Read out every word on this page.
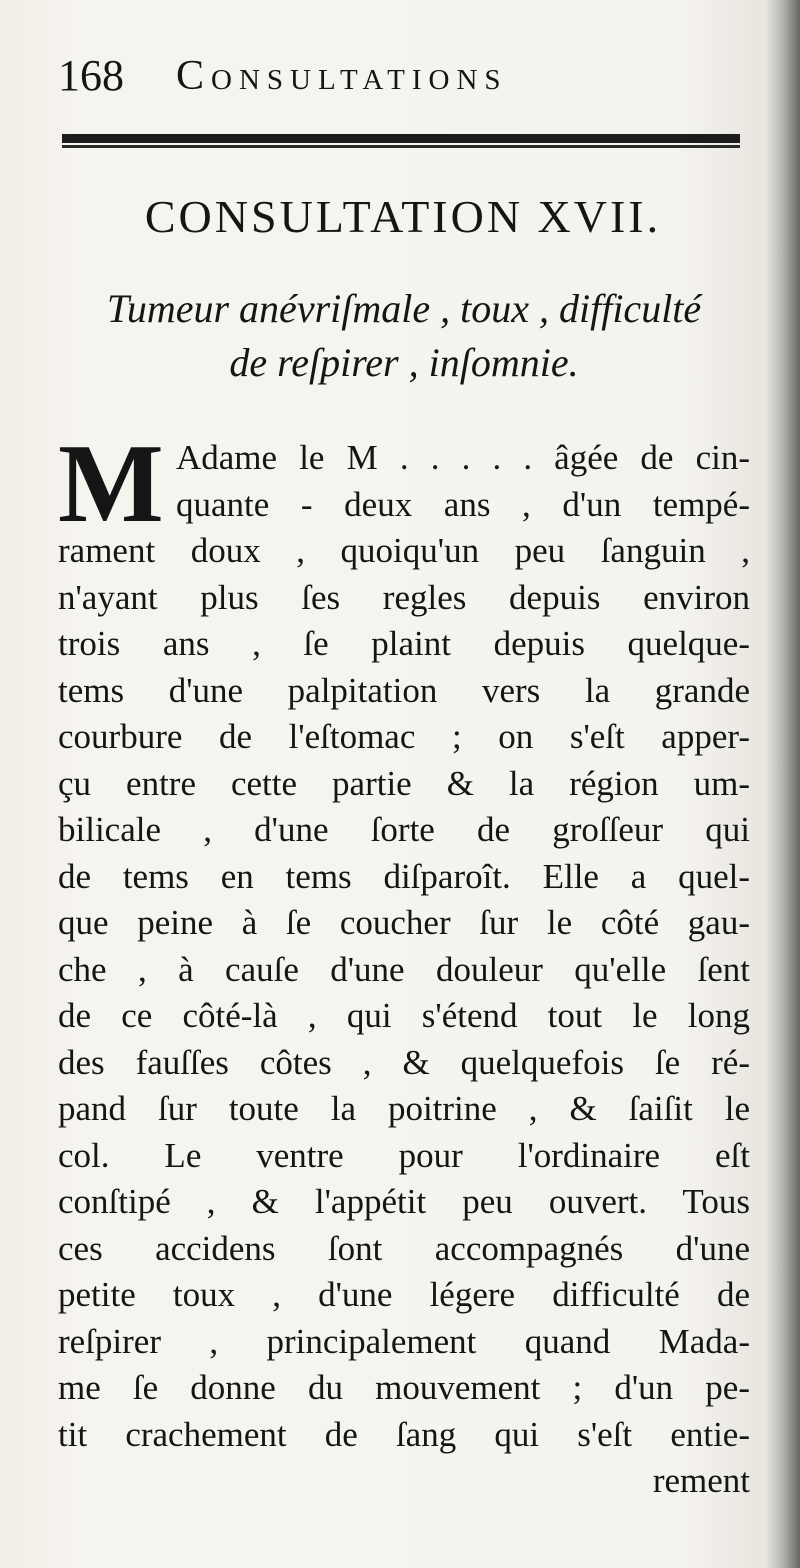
168 Consultations
CONSULTATION XVII.
Tumeur anévriſmale , toux , difficulté
de reſpirer , inſomnie.
M Adame le M . . . . . âgée de cin-
quante - deux ans , d'un tempé-
rament doux , quoiqu'un peu ſanguin ,
n'ayant plus ſes regles depuis environ
trois ans , ſe plaint depuis quelque-
tems d'une palpitation vers la grande
courbure de l'eſtomac ; on s'eſt apper-
çu entre cette partie & la région um-
bilicale , d'une ſorte de groſſeur qui
de tems en tems diſparoît. Elle a quel-
que peine à ſe coucher ſur le côté gau-
che , à cauſe d'une douleur qu'elle ſent
de ce côté-là , qui s'étend tout le long
des fauſſes côtes , & quelquefois ſe ré-
pand ſur toute la poitrine , & ſaiſit le
col. Le ventre pour l'ordinaire eſt
conſtipé , & l'appétit peu ouvert. Tous
ces accidens ſont accompagnés d'une
petite toux , d'une légere difficulté de
reſpirer , principalement quand Mada-
me ſe donne du mouvement ; d'un pe-
tit crachement de ſang qui s'eſt entie-
rement
